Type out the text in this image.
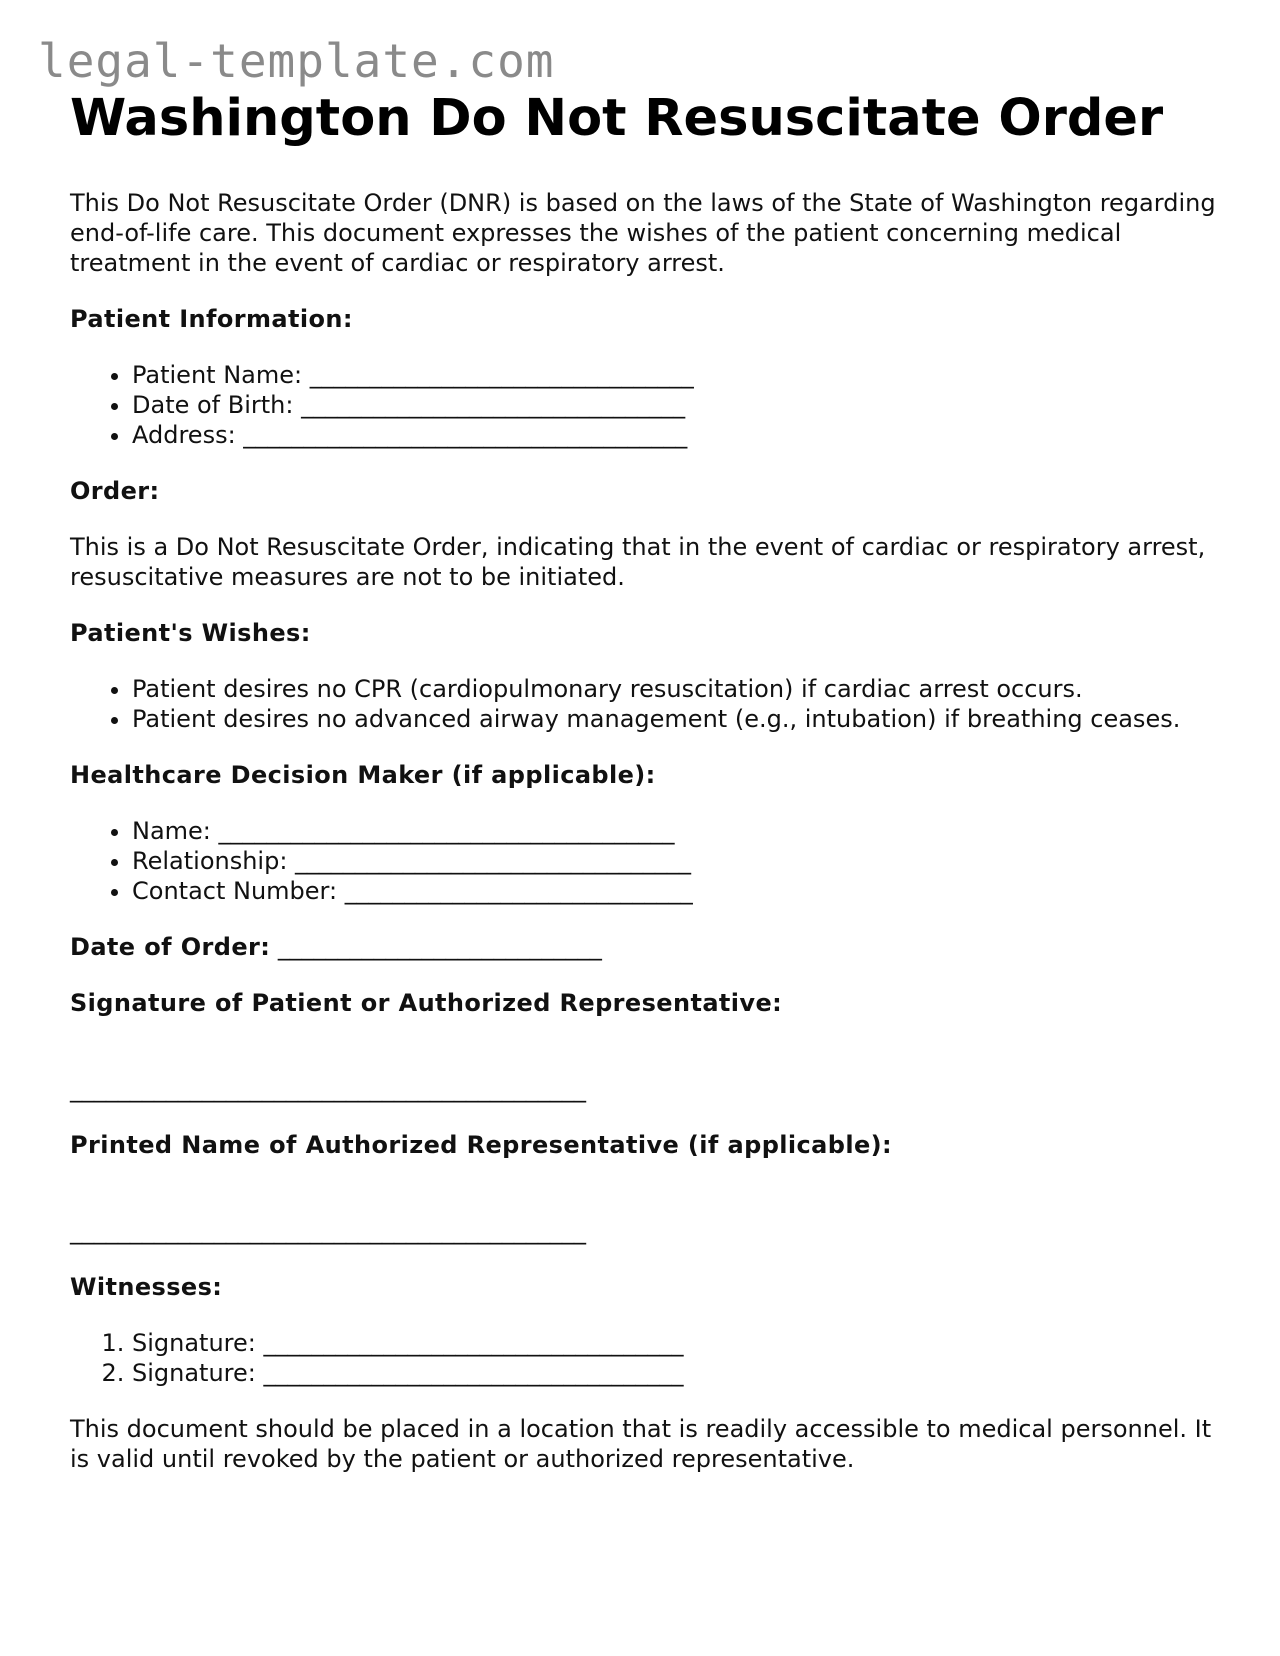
legal-template.com
Washington Do Not Resuscitate Order

This Do Not Resuscitate Order (DNR) is based on the laws of the State of Washington regarding end-of-life care. This document expresses the wishes of the patient concerning medical treatment in the event of cardiac or respiratory arrest.

Patient Information:
• Patient Name: ________________________________
• Date of Birth: ________________________________
• Address: _____________________________________
Order:

This is a Do Not Resuscitate Order, indicating that in the event of cardiac or respiratory arrest, resuscitative measures are not to be initiated.

Patient's Wishes:
• Patient desires no CPR (cardiopulmonary resuscitation) if cardiac arrest occurs.
• Patient desires no advanced airway management (e.g., intubation) if breathing ceases.
Healthcare Decision Maker (if applicable):
• Name: ______________________________________
• Relationship: _________________________________
• Contact Number: _____________________________
Date of Order: ___________________________
Signature of Patient or Authorized Representative:
___________________________________________
Printed Name of Authorized Representative (if applicable):
___________________________________________
Witnesses:
1. Signature: ___________________________________
2. Signature: ___________________________________

This document should be placed in a location that is readily accessible to medical personnel. It is valid until revoked by the patient or authorized representative.
